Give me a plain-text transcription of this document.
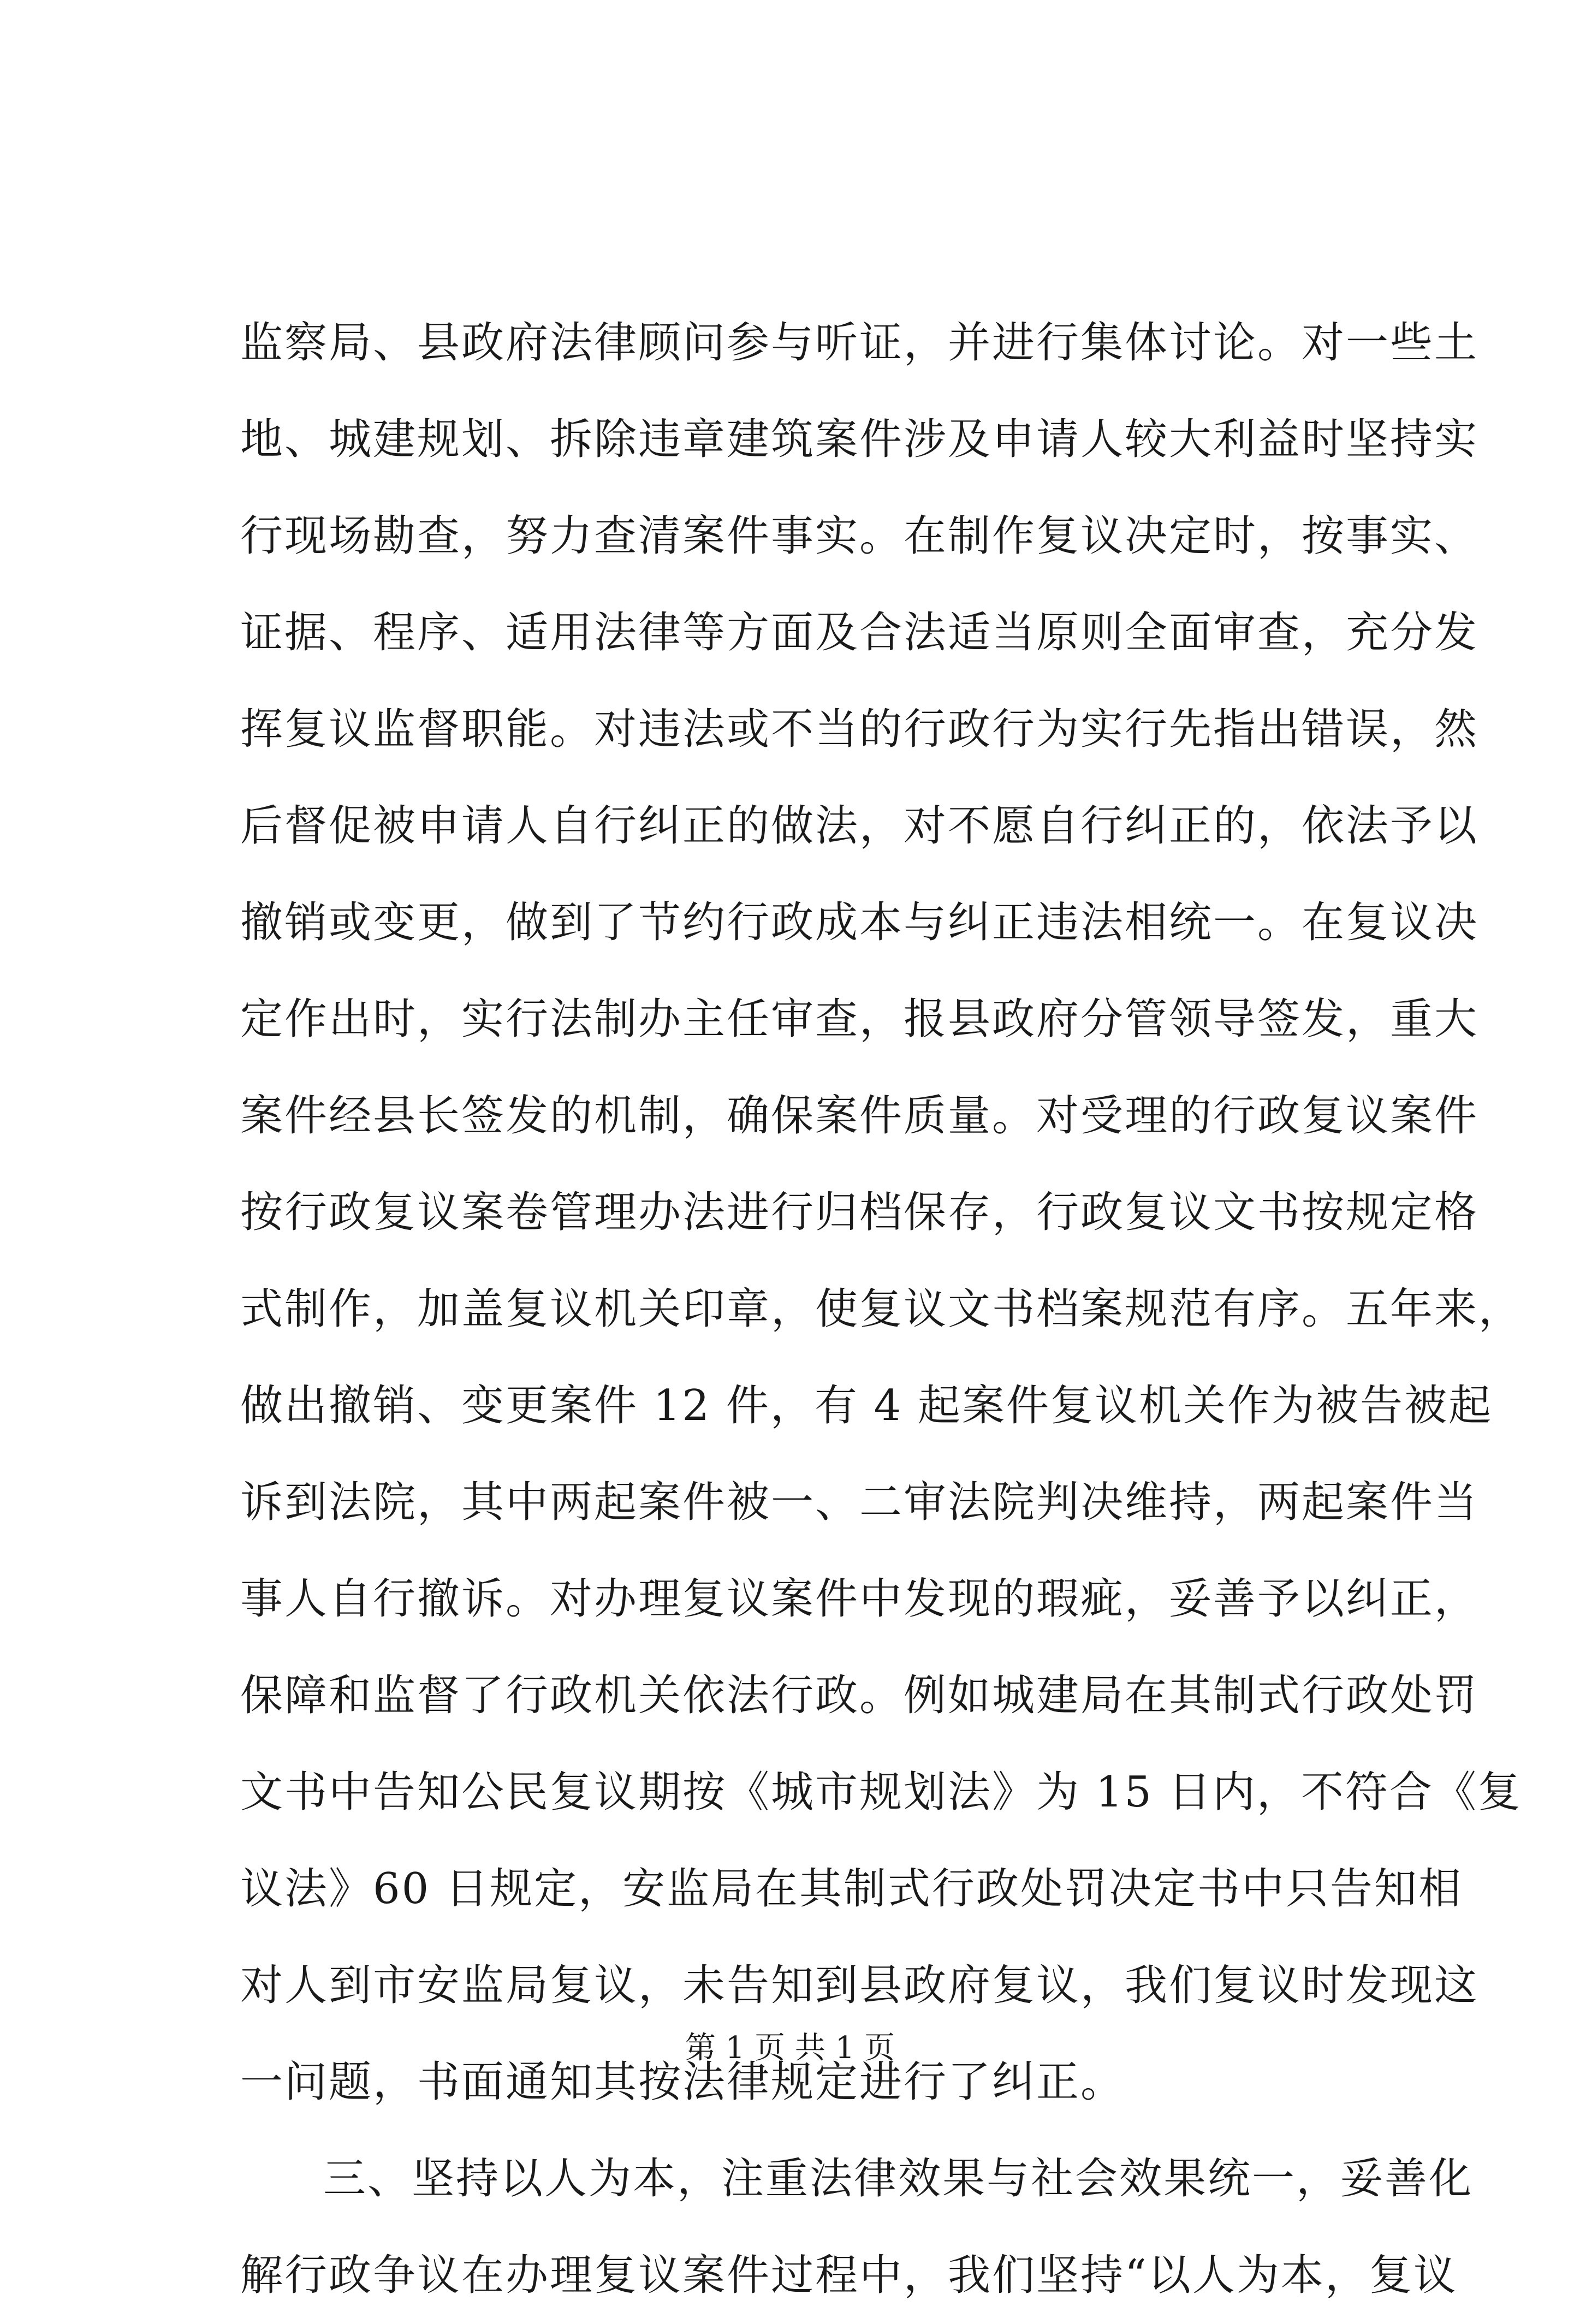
监察局、县政府法律顾问参与听证，并进行集体讨论。对一些土
地、城建规划、拆除违章建筑案件涉及申请人较大利益时坚持实
行现场勘查，努力查清案件事实。在制作复议决定时，按事实、
证据、程序、适用法律等方面及合法适当原则全面审查，充分发
挥复议监督职能。对违法或不当的行政行为实行先指出错误，然
后督促被申请人自行纠正的做法，对不愿自行纠正的，依法予以
撤销或变更，做到了节约行政成本与纠正违法相统一。在复议决
定作出时，实行法制办主任审查，报县政府分管领导签发，重大
案件经县长签发的机制，确保案件质量。对受理的行政复议案件
按行政复议案卷管理办法进行归档保存，行政复议文书按规定格
式制作，加盖复议机关印章，使复议文书档案规范有序。五年来，
做出撤销、变更案件 12 件，有 4 起案件复议机关作为被告被起
诉到法院，其中两起案件被一、二审法院判决维持，两起案件当
事人自行撤诉。对办理复议案件中发现的瑕疵，妥善予以纠正，
保障和监督了行政机关依法行政。例如城建局在其制式行政处罚
文书中告知公民复议期按《城市规划法》为 15 日内，不符合《复
议法》60 日规定，安监局在其制式行政处罚决定书中只告知相
对人到市安监局复议，未告知到县政府复议，我们复议时发现这
一问题，书面通知其按法律规定进行了纠正。
三、坚持以人为本，注重法律效果与社会效果统一，妥善化
解行政争议在办理复议案件过程中，我们坚持“以人为本，复议
第 1 页 共 1 页
